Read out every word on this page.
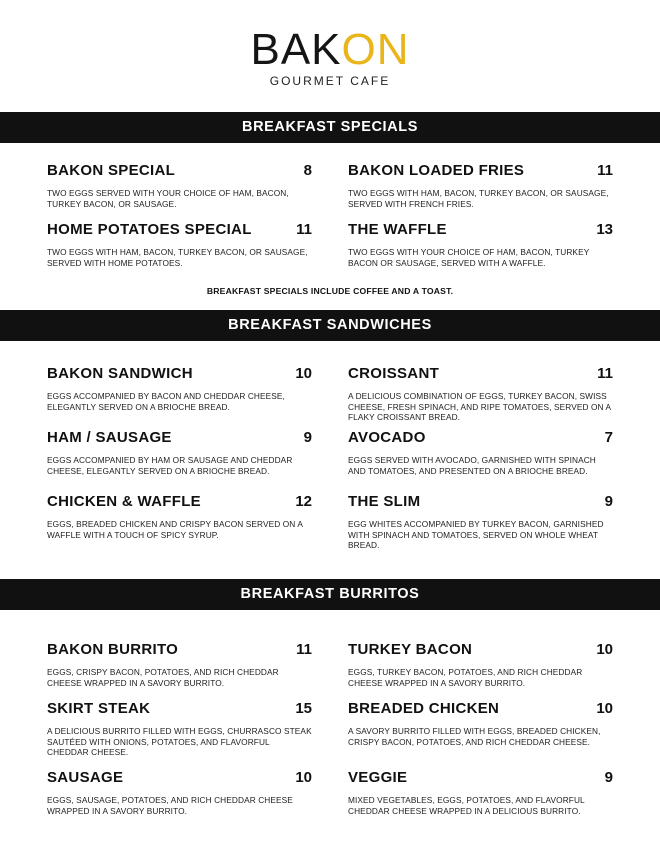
BAKON
GOURMET CAFE
BREAKFAST SPECIALS
BAKON SPECIAL	8
TWO EGGS SERVED WITH YOUR CHOICE OF HAM, BACON, TURKEY BACON, OR SAUSAGE.
BAKON LOADED FRIES	11
TWO EGGS WITH HAM, BACON, TURKEY BACON, OR SAUSAGE, SERVED WITH FRENCH FRIES.
HOME POTATOES SPECIAL	11
TWO EGGS WITH HAM, BACON, TURKEY BACON, OR SAUSAGE, SERVED WITH HOME POTATOES.
THE WAFFLE	13
TWO EGGS WITH YOUR CHOICE OF HAM, BACON, TURKEY BACON OR SAUSAGE, SERVED WITH A WAFFLE.
BREAKFAST SPECIALS INCLUDE COFFEE AND A TOAST.
BREAKFAST SANDWICHES
BAKON SANDWICH	10
EGGS ACCOMPANIED BY BACON AND CHEDDAR CHEESE, ELEGANTLY SERVED ON A BRIOCHE BREAD.
CROISSANT	11
A DELICIOUS COMBINATION OF EGGS, TURKEY BACON, SWISS CHEESE, FRESH SPINACH, AND RIPE TOMATOES, SERVED ON A FLAKY CROISSANT BREAD.
HAM / SAUSAGE	9
EGGS ACCOMPANIED BY HAM OR SAUSAGE AND CHEDDAR CHEESE, ELEGANTLY SERVED ON A BRIOCHE BREAD.
AVOCADO	7
EGGS SERVED WITH AVOCADO, GARNISHED WITH SPINACH AND TOMATOES, AND PRESENTED ON A BRIOCHE BREAD.
CHICKEN & WAFFLE	12
EGGS, BREADED CHICKEN AND CRISPY BACON SERVED ON A WAFFLE WITH A TOUCH OF SPICY SYRUP.
THE SLIM	9
EGG WHITES ACCOMPANIED BY TURKEY BACON, GARNISHED WITH SPINACH AND TOMATOES, SERVED ON WHOLE WHEAT BREAD.
BREAKFAST BURRITOS
BAKON BURRITO	11
EGGS, CRISPY BACON, POTATOES, AND RICH CHEDDAR CHEESE WRAPPED IN A SAVORY BURRITO.
TURKEY BACON	10
EGGS, TURKEY BACON, POTATOES, AND RICH CHEDDAR CHEESE WRAPPED IN A SAVORY BURRITO.
SKIRT STEAK	15
A DELICIOUS BURRITO FILLED WITH EGGS, CHURRASCO STEAK SAUTÉED WITH ONIONS, POTATOES, AND FLAVORFUL CHEDDAR CHEESE.
BREADED CHICKEN	10
A SAVORY BURRITO FILLED WITH EGGS, BREADED CHICKEN, CRISPY BACON, POTATOES, AND RICH CHEDDAR CHEESE.
SAUSAGE	10
EGGS, SAUSAGE, POTATOES, AND RICH CHEDDAR CHEESE WRAPPED IN A SAVORY BURRITO.
VEGGIE	9
MIXED VEGETABLES, EGGS, POTATOES, AND FLAVORFUL CHEDDAR CHEESE WRAPPED IN A DELICIOUS BURRITO.
